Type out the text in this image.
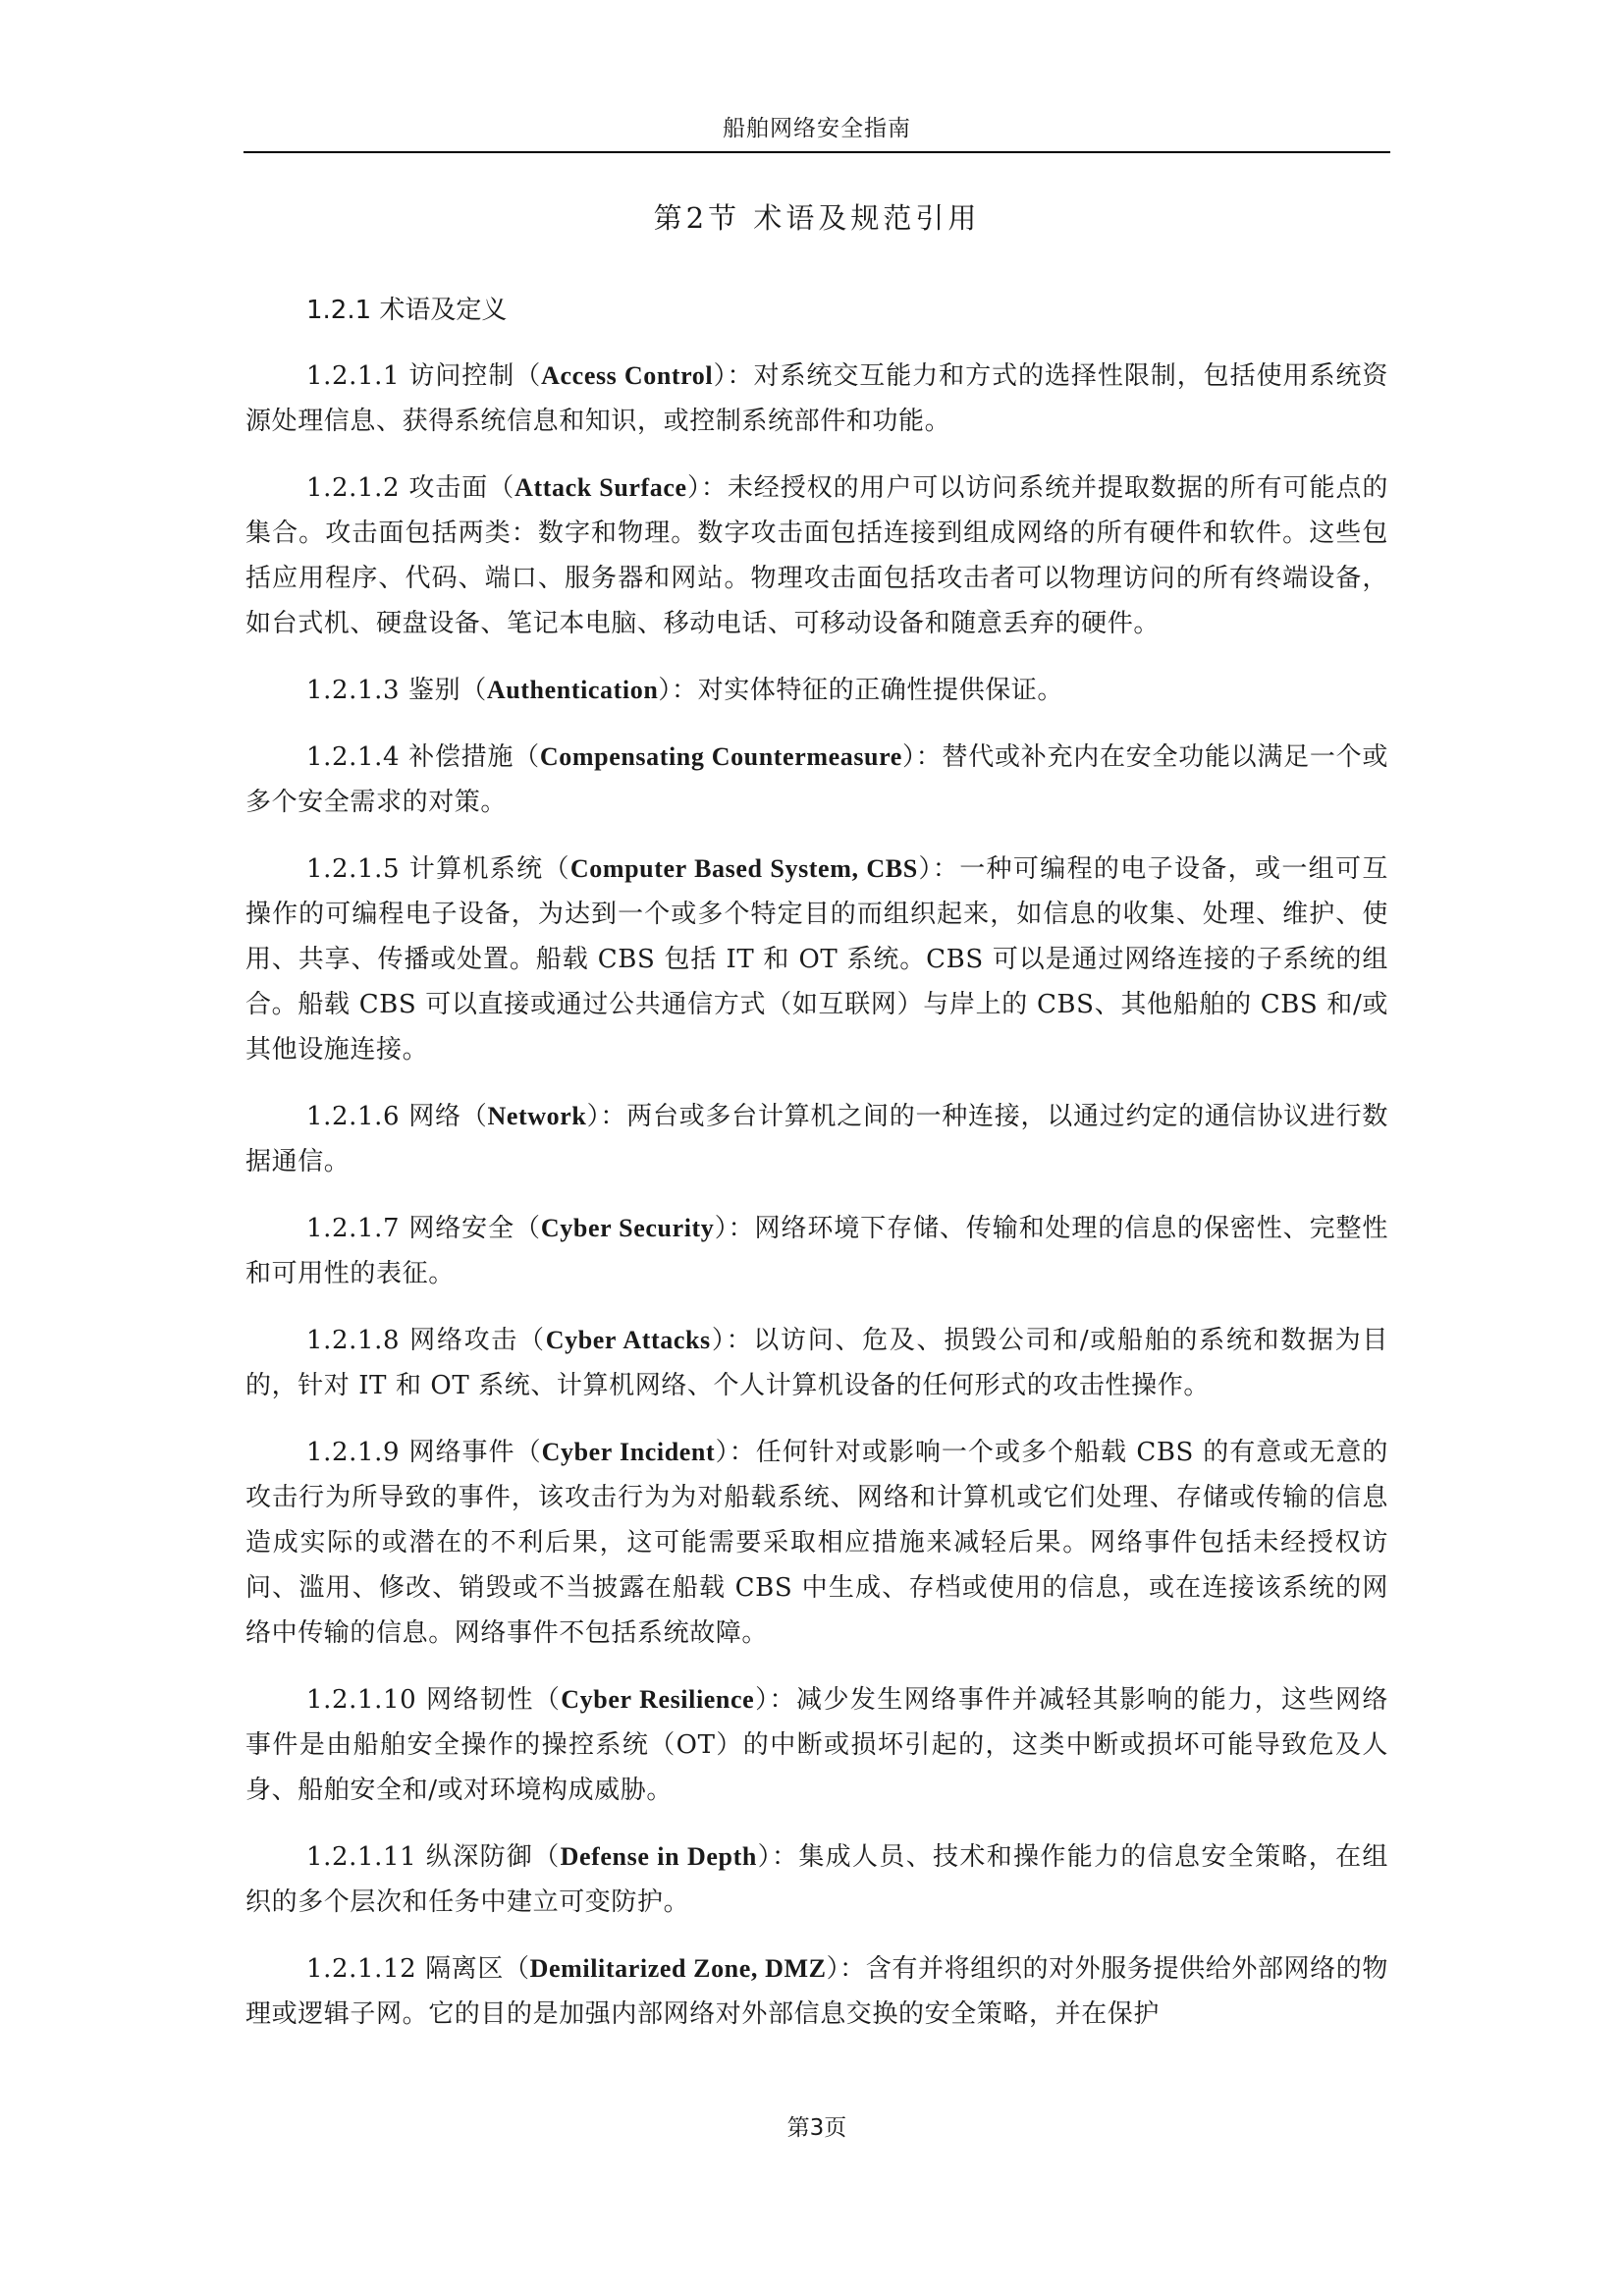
船舶网络安全指南
第2节 术语及规范引用
1.2.1 术语及定义

1.2.1.1 访问控制（Access Control）：对系统交互能力和方式的选择性限制，包括使用系统资源处理信息、获得系统信息和知识，或控制系统部件和功能。

1.2.1.2 攻击面（Attack Surface）：未经授权的用户可以访问系统并提取数据的所有可能点的集合。攻击面包括两类：数字和物理。数字攻击面包括连接到组成网络的所有硬件和软件。这些包括应用程序、代码、端口、服务器和网站。物理攻击面包括攻击者可以物理访问的所有终端设备，如台式机、硬盘设备、笔记本电脑、移动电话、可移动设备和随意丢弃的硬件。

1.2.1.3 鉴别（Authentication）：对实体特征的正确性提供保证。

1.2.1.4 补偿措施（Compensating Countermeasure）：替代或补充内在安全功能以满足一个或多个安全需求的对策。

1.2.1.5 计算机系统（Computer Based System, CBS）：一种可编程的电子设备，或一组可互操作的可编程电子设备，为达到一个或多个特定目的而组织起来，如信息的收集、处理、维护、使用、共享、传播或处置。船载 CBS 包括 IT 和 OT 系统。CBS 可以是通过网络连接的子系统的组合。船载 CBS 可以直接或通过公共通信方式（如互联网）与岸上的 CBS、其他船舶的 CBS 和/或其他设施连接。

1.2.1.6 网络（Network）：两台或多台计算机之间的一种连接，以通过约定的通信协议进行数据通信。

1.2.1.7 网络安全（Cyber Security）：网络环境下存储、传输和处理的信息的保密性、完整性和可用性的表征。

1.2.1.8 网络攻击（Cyber Attacks）：以访问、危及、损毁公司和/或船舶的系统和数据为目的，针对 IT 和 OT 系统、计算机网络、个人计算机设备的任何形式的攻击性操作。

1.2.1.9 网络事件（Cyber Incident）：任何针对或影响一个或多个船载 CBS 的有意或无意的攻击行为所导致的事件，该攻击行为为对船载系统、网络和计算机或它们处理、存储或传输的信息造成实际的或潜在的不利后果，这可能需要采取相应措施来减轻后果。网络事件包括未经授权访问、滥用、修改、销毁或不当披露在船载 CBS 中生成、存档或使用的信息，或在连接该系统的网络中传输的信息。网络事件不包括系统故障。

1.2.1.10 网络韧性（Cyber Resilience）：减少发生网络事件并减轻其影响的能力，这些网络事件是由船舶安全操作的操控系统（OT）的中断或损坏引起的，这类中断或损坏可能导致危及人身、船舶安全和/或对环境构成威胁。

1.2.1.11 纵深防御（Defense in Depth）：集成人员、技术和操作能力的信息安全策略，在组织的多个层次和任务中建立可变防护。

1.2.1.12 隔离区（Demilitarized Zone, DMZ）：含有并将组织的对外服务提供给外部网络的物理或逻辑子网。它的目的是加强内部网络对外部信息交换的安全策略，并在保护

第3页
